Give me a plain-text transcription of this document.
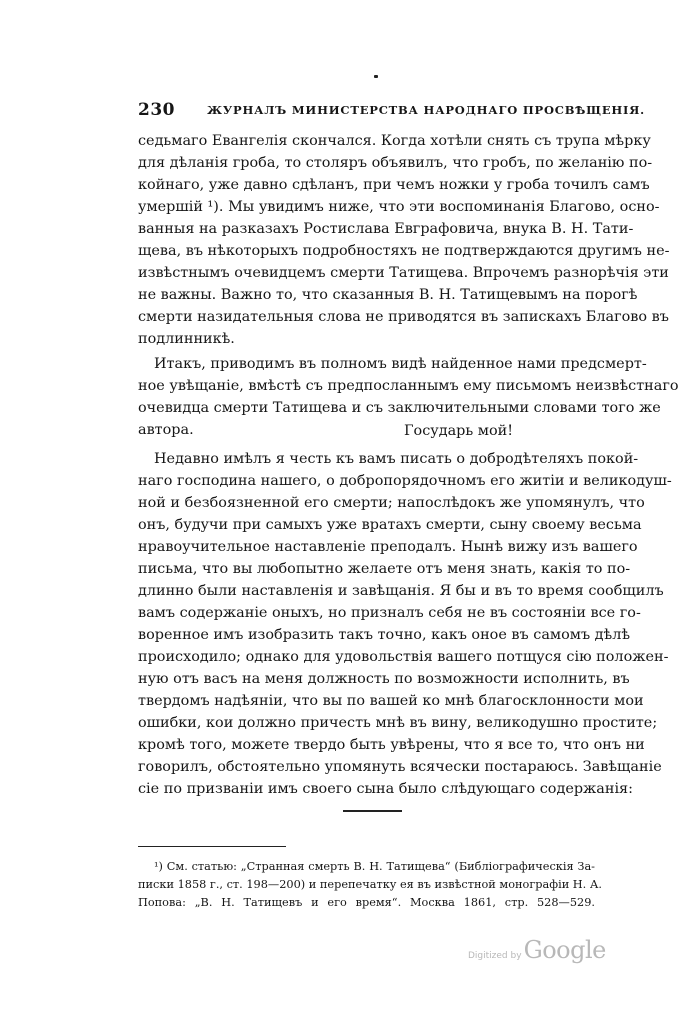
230	ЖУРНАЛЪ МИНИСТЕРСТВА НАРОДНАГО ПРОСВѢЩЕНІЯ.
седьмаго Евангелія скончался. Когда хотѣли снять съ трупа мѣрку
для дѣланія гроба, то столяръ объявилъ, что гробъ, по желанію по-
койнаго, уже давно сдѣланъ, при чемъ ножки у гроба точилъ самъ
умершій ¹). Мы увидимъ ниже, что эти воспоминанія Благово, осно-
ванныя на разказахъ Ростислава Евграфовича, внука В. Н. Тати-
щева, въ нѣкоторыхъ подробностяхъ не подтверждаются другимъ не-
извѣстнымъ очевидцемъ смерти Татищева. Впрочемъ разнорѣчія эти
не важны. Важно то, что сказанныя В. Н. Татищевымъ на порогѣ
смерти назидательныя слова не приводятся въ запискахъ Благово въ
подлинникѣ.
Итакъ, приводимъ въ полномъ видѣ найденное нами предсмерт-
ное увѣщаніе, вмѣстѣ съ предпосланнымъ ему письмомъ неизвѣстнаго
очевидца смерти Татищева и съ заключительными словами того же
автора.	Государь мой!
Недавно имѣлъ я честь къ вамъ писать о добродѣтеляхъ покой-
наго господина нашего, о добропорядочномъ его житіи и великодуш-
ной и безбоязненной его смерти; напослѣдокъ же упомянулъ, что
онъ, будучи при самыхъ уже вратахъ смерти, сыну своему весьма
нравоучительное наставленіе преподалъ. Нынѣ вижу изъ вашего
письма, что вы любопытно желаете отъ меня знать, какія то по-
длинно были наставленія и завѣщанія. Я бы и въ то время сообщилъ
вамъ содержаніе оныхъ, но призналъ себя не въ состояніи все го-
воренное имъ изобразить такъ точно, какъ оное въ самомъ дѣлѣ
происходило; однако для удовольствія вашего потщуся сію положен-
ную отъ васъ на меня должность по возможности исполнить, въ
твердомъ надѣяніи, что вы по вашей ко мнѣ благосклонности мои
ошибки, кои должно причесть мнѣ въ вину, великодушно простите;
кромѣ того, можете твердо быть увѣрены, что я все то, что онъ ни
говорилъ, обстоятельно упомянуть всячески постараюсь. Завѣщаніе
сіе по призваніи имъ своего сына было слѣдующаго содержанія:
¹) См. статью: „Странная смерть В. Н. Татищева“ (Библіографическія За-
писки 1858 г., ст. 198—200) и перепечатку ея въ извѣстной монографіи Н. А.
Попова: „В. Н. Татищевъ и его время“. Москва 1861, стр. 528—529.
Digitized byGoogle
